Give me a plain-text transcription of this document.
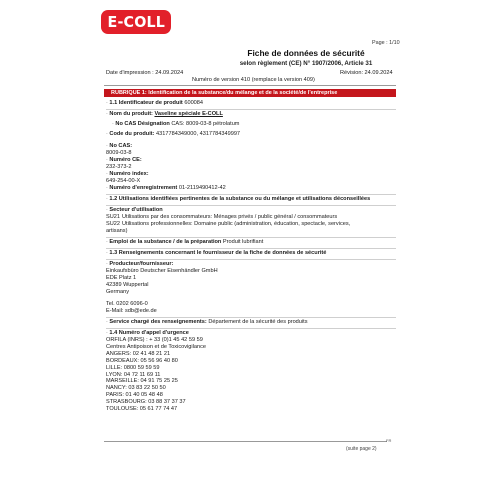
E-COLL
Page : 1/10
Fiche de données de sécurité
selon règlement (CE) N° 1907/2006, Article 31
Date d'impression : 24.09.2024	Révision: 24.09.2024
Numéro de version 410 (remplace la version 409)
RUBRIQUE 1: Identification de la substance/du mélange et de la société/de l'entreprise
· 1.1 Identificateur de produit 600084
· Nom du produit: Vaseline spéciale E-COLL
· No CAS Désignation CAS: 8009-03-8 pétrolatum
· Code du produit: 4317784349000, 4317784349997
· No CAS:
8009-03-8
· Numéro CE:
232-373-2
· Numéro index:
649-254-00-X
· Numéro d'enregistrement 01-2119490412-42
· 1.2 Utilisations identifiées pertinentes de la substance ou du mélange et utilisations déconseillées
· Secteur d'utilisation
SU21 Utilisations par des consommateurs: Ménages privés / public général / consommateurs
SU22 Utilisations professionnelles: Domaine public (administration, éducation, spectacle, services,
artisans)
· Emploi de la substance / de la préparation Produit lubrifiant
· 1.3 Renseignements concernant le fournisseur de la fiche de données de sécurité
· Producteur/fournisseur:
Einkaufsbüro Deutscher Eisenhändler GmbH
EDE Platz 1
42389 Wuppertal
Germany
Tel. 0202 6096-0
E-Mail: sdb@ede.de
· Service chargé des renseignements: Département de la sécurité des produits
· 1.4 Numéro d'appel d'urgence
ORFILA (INRS) : + 33 (0)1 45 42 59 59
Centres Antipoison et de Toxicovigilance
ANGERS: 02 41 48 21 21
BORDEAUX: 05 56 96 40 80
LILLE: 0800 59 59 59
LYON: 04 72 11 69 11
MARSEILLE: 04 91 75 25 25
NANCY: 03 83 22 50 50
PARIS: 01 40 05 48 48
STRASBOURG: 03 88 37 37 37
TOULOUSE: 05 61 77 74 47
FR
(suite page 2)
